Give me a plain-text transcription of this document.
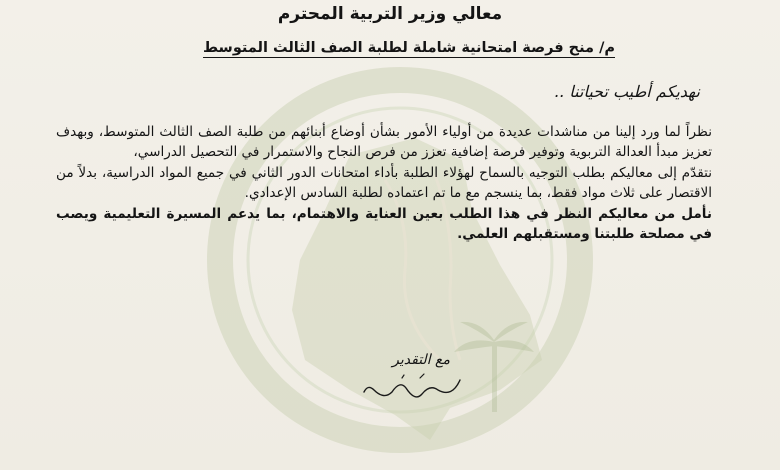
معالي وزير التربية المحترم
م/ منح فرصة امتحانية شاملة لطلبة الصف الثالث المتوسط
نهديكم أطيب تحياتنا ..

نظراً لما ورد إلينا من مناشدات عديدة من أولياء الأمور بشأن أوضاع أبنائهم من طلبة الصف الثالث المتوسط، وبهدف تعزيز مبدأ العدالة التربوية وتوفير فرصة إضافية تعزز من فرص النجاح والاستمرار في التحصيل الدراسي،

نتقدّم إلى معاليكم بطلب التوجيه بالسماح لهؤلاء الطلبة بأداء امتحانات الدور الثاني في جميع المواد الدراسية، بدلاً من الاقتصار على ثلاث مواد فقط، بما ينسجم مع ما تم اعتماده لطلبة السادس الإعدادي.

نأمل من معاليكم النظر في هذا الطلب بعين العناية والاهتمام، بما يدعم المسيرة التعليمية ويصب في مصلحة طلبتنا ومستقبلهم العلمي.

مع التقدير
